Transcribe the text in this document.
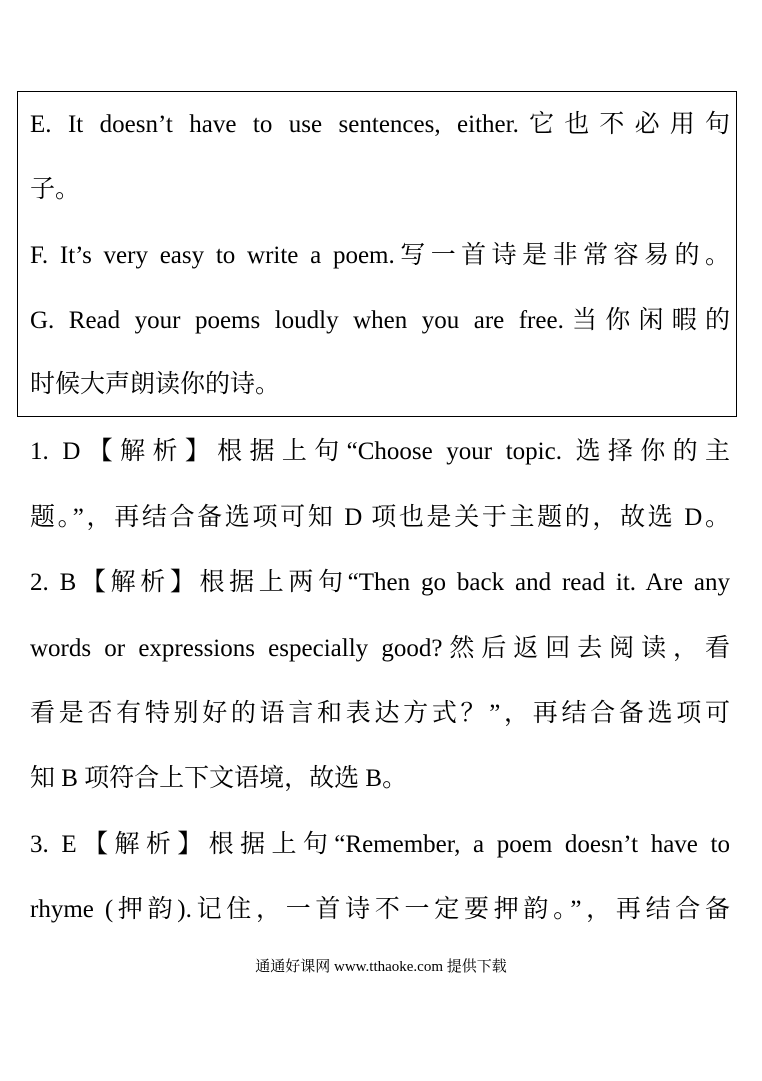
E. It doesn’t have to use sentences, either.它也不必用句
子。
F. It’s very easy to write a poem.写一首诗是非常容易的。
G. Read your poems loudly when you are free.当你闲暇的
时候大声朗读你的诗。
1. D【解析】根据上句“Choose your topic. 选择你的主
题。”，再结合备选项可知 D 项也是关于主题的，故选 D。
2. B【解析】根据上两句“Then go back and read it. Are any
words or expressions especially good?然后返回去阅读，看
看是否有特别好的语言和表达方式？”，再结合备选项可
知 B 项符合上下文语境，故选 B。
3. E【解析】根据上句“Remember, a poem doesn’t have to
rhyme (押韵).记住，一首诗不一定要押韵。”，再结合备
通通好课网 www.tthaoke.com 提供下载
